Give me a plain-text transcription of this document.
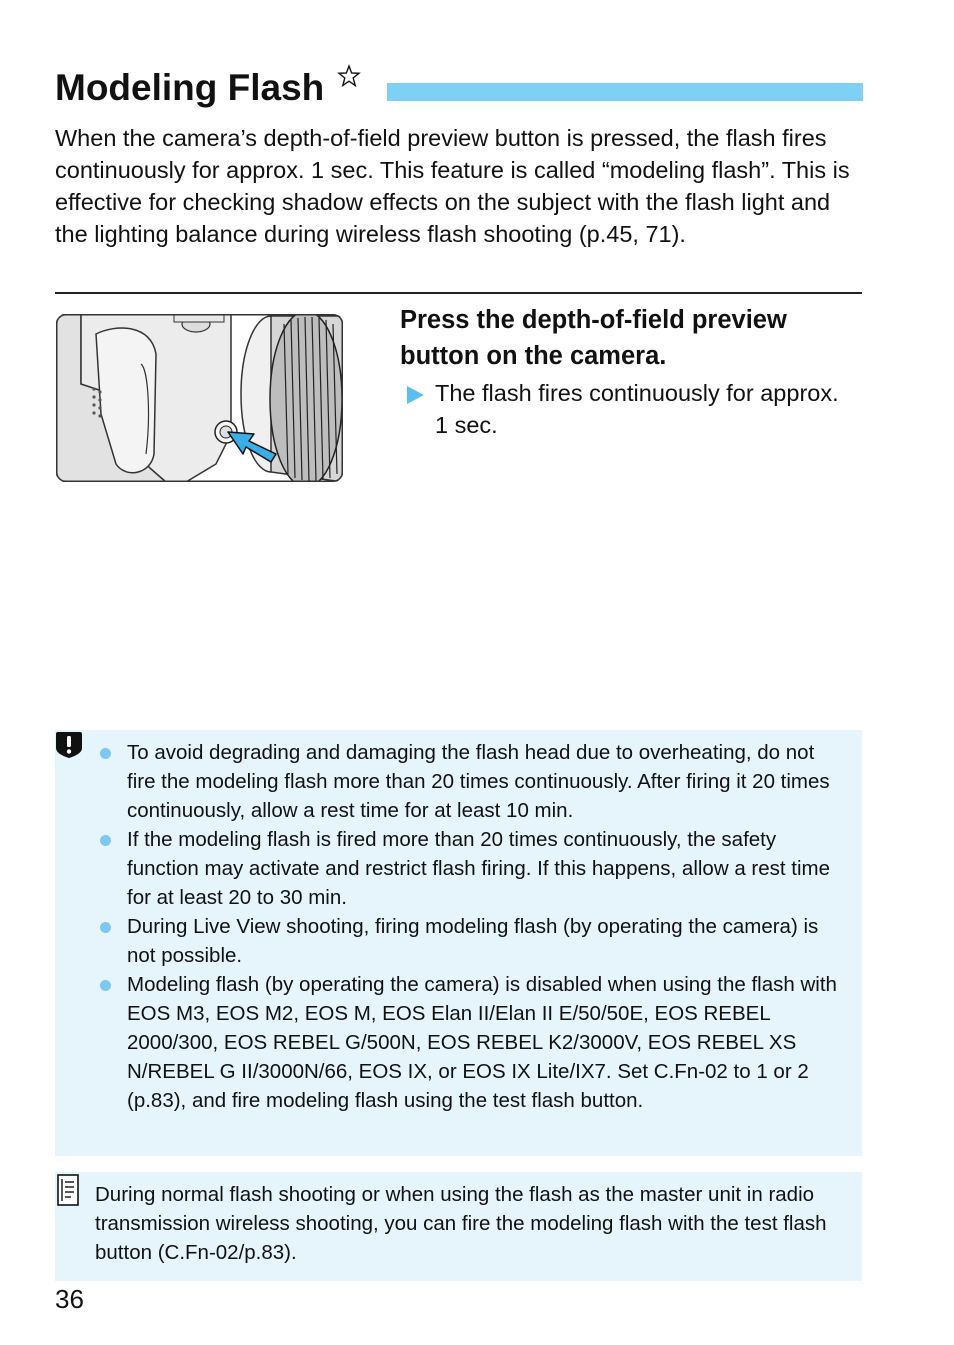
Modeling Flash

When the camera’s depth-of-field preview button is pressed, the flash fires continuously for approx. 1 sec. This feature is called “modeling flash”. This is effective for checking shadow effects on the subject with the flash light and the lighting balance during wireless flash shooting (p.45, 71).

Press the depth-of-field preview button on the camera.

The flash fires continuously for approx. 1 sec.

To avoid degrading and damaging the flash head due to overheating, do not fire the modeling flash more than 20 times continuously. After firing it 20 times continuously, allow a rest time for at least 10 min.
If the modeling flash is fired more than 20 times continuously, the safety function may activate and restrict flash firing. If this happens, allow a rest time for at least 20 to 30 min.
During Live View shooting, firing modeling flash (by operating the camera) is not possible.
Modeling flash (by operating the camera) is disabled when using the flash with EOS M3, EOS M2, EOS M, EOS Elan II/Elan II E/50/50E, EOS REBEL 2000/300, EOS REBEL G/500N, EOS REBEL K2/3000V, EOS REBEL XS N/REBEL G II/3000N/66, EOS IX, or EOS IX Lite/IX7. Set C.Fn-02 to 1 or 2 (p.83), and fire modeling flash using the test flash button.

During normal flash shooting or when using the flash as the master unit in radio transmission wireless shooting, you can fire the modeling flash with the test flash button (C.Fn-02/p.83).

36
